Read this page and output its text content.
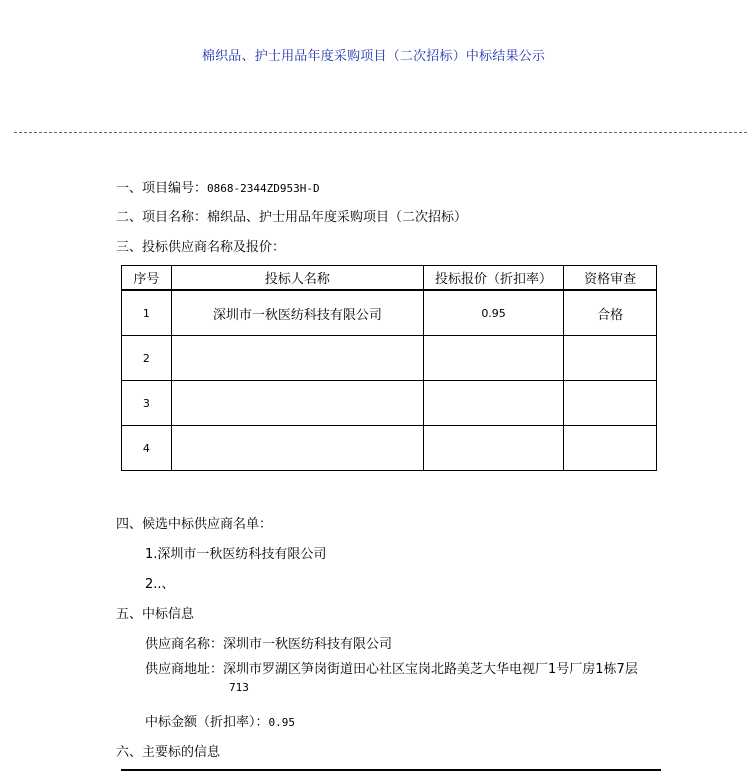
棉织品、护士用品年度采购项目（二次招标）中标结果公示
一、项目编号：0868-2344ZD953H-D
二、项目名称：棉织品、护士用品年度采购项目（二次招标）
三、投标供应商名称及报价：
序号	投标人名称	投标报价（折扣率）	资格审查
1	深圳市一秋医纺科技有限公司	0.95	合格
2			
3			
4			
四、候选中标供应商名单：
1.深圳市一秋医纺科技有限公司
2..、
五、中标信息
供应商名称：深圳市一秋医纺科技有限公司
供应商地址：深圳市罗湖区笋岗街道田心社区宝岗北路美芝大华电视厂1号厂房1栋7层
713
中标金额（折扣率）：0.95
六、主要标的信息
